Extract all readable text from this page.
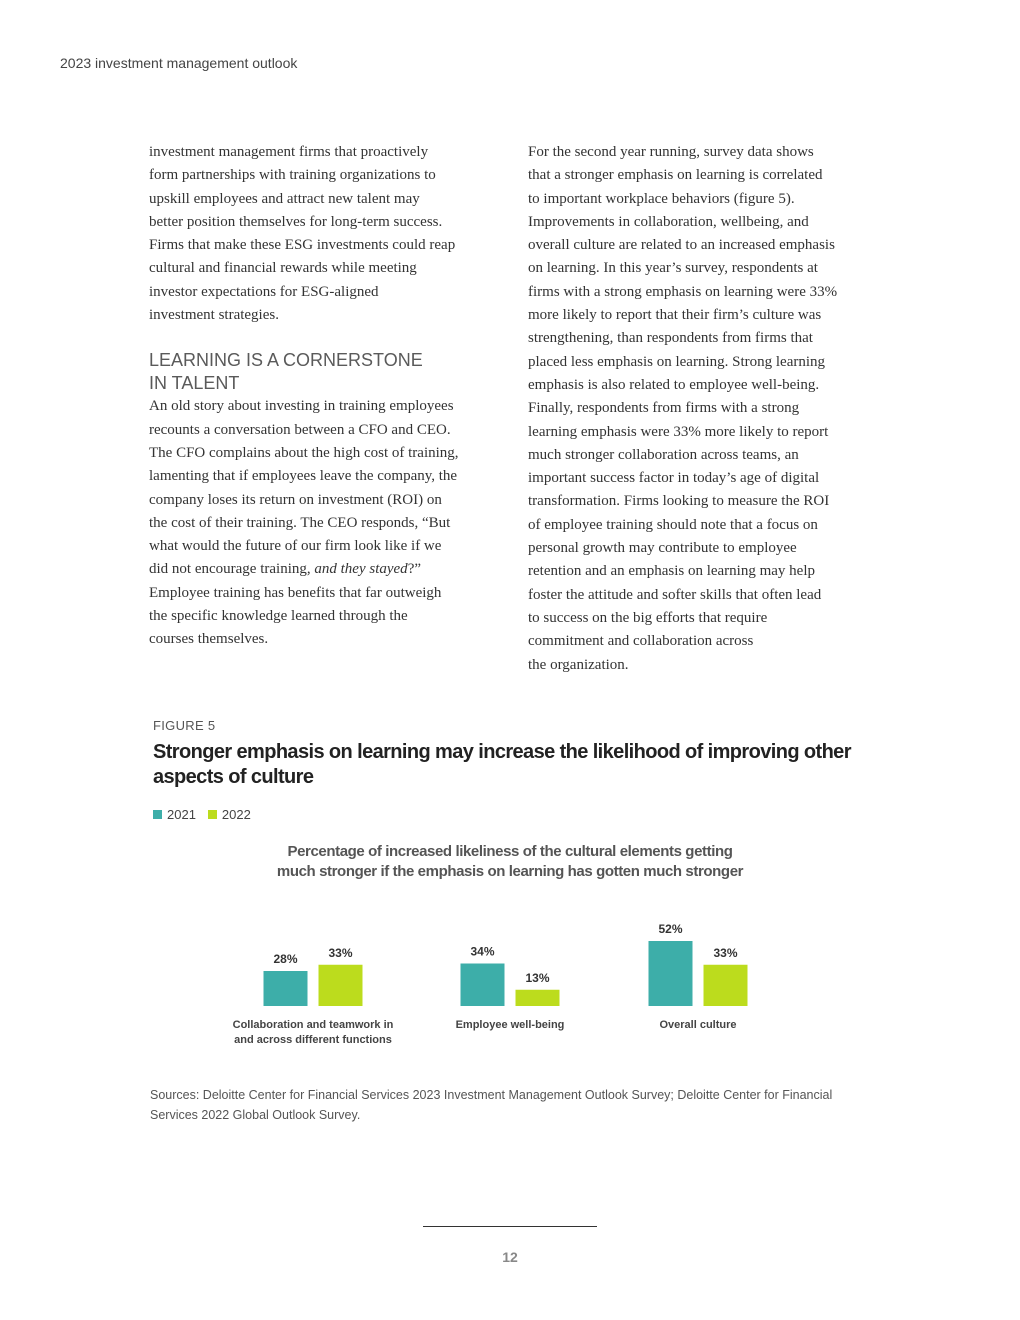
2023 investment management outlook

investment management firms that proactively
form partnerships with training organizations to
upskill employees and attract new talent may
better position themselves for long-term success.
Firms that make these ESG investments could reap
cultural and financial rewards while meeting
investor expectations for ESG-aligned
investment strategies.

LEARNING IS A CORNERSTONE
IN TALENT

An old story about investing in training employees
recounts a conversation between a CFO and CEO.
The CFO complains about the high cost of training,
lamenting that if employees leave the company, the
company loses its return on investment (ROI) on
the cost of their training. The CEO responds, “But
what would the future of our firm look like if we
did not encourage training, and they stayed?”
Employee training has benefits that far outweigh
the specific knowledge learned through the
courses themselves.

For the second year running, survey data shows
that a stronger emphasis on learning is correlated
to important workplace behaviors (figure 5).
Improvements in collaboration, wellbeing, and
overall culture are related to an increased emphasis
on learning. In this year’s survey, respondents at
firms with a strong emphasis on learning were 33%
more likely to report that their firm’s culture was
strengthening, than respondents from firms that
placed less emphasis on learning. Strong learning
emphasis is also related to employee well-being.
Finally, respondents from firms with a strong
learning emphasis were 33% more likely to report
much stronger collaboration across teams, an
important success factor in today’s age of digital
transformation. Firms looking to measure the ROI
of employee training should note that a focus on
personal growth may contribute to employee
retention and an emphasis on learning may help
foster the attitude and softer skills that often lead
to success on the big efforts that require
commitment and collaboration across
the organization.

FIGURE 5
Stronger emphasis on learning may increase the likelihood of improving other aspects of culture
2021 2022
Percentage of increased likeliness of the cultural elements getting
much stronger if the emphasis on learning has gotten much stronger
28%	33%
Collaboration and teamwork in and across different functions
34%
13%
Employee well-being
52%
33%
Overall culture
Sources: Deloitte Center for Financial Services 2023 Investment Management Outlook Survey; Deloitte Center for Financial Services 2022 Global Outlook Survey.
12
